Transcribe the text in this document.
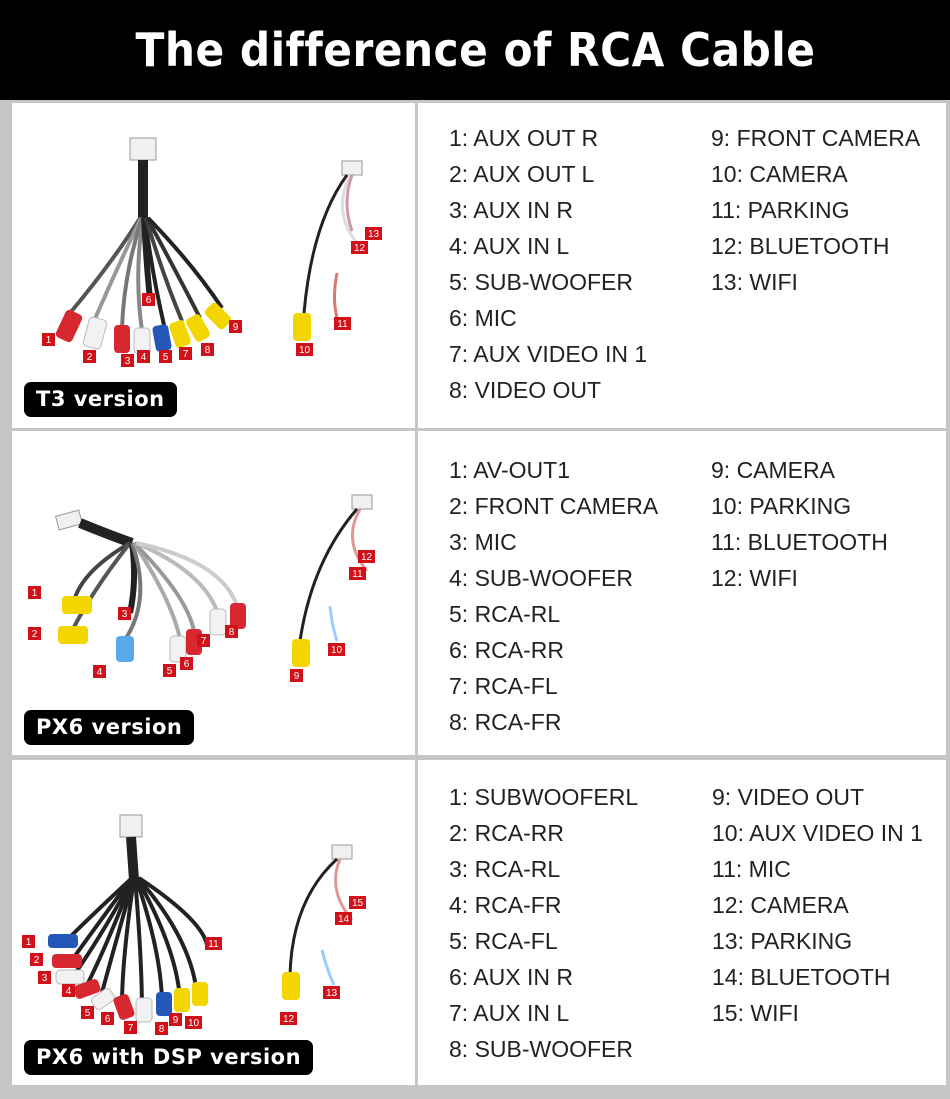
The difference of RCA Cable
1
2	3 4 5
6
7 8
9
10
11
13
12
T3 version
1: AUX OUT R
2: AUX OUT L
3: AUX IN R
4: AUX IN L
5: SUB-WOOFER
6: MIC
7: AUX VIDEO IN 1
8: VIDEO OUT
9: FRONT CAMERA
10: CAMERA
11: PARKING
12: BLUETOOTH
13: WIFI
1
2
3
4	5
6
7
8
9
10
11
12
PX6 version
1: AV-OUT1
2: FRONT CAMERA
3: MIC
4: SUB-WOOFER
5: RCA-RL
6: RCA-RR
7: RCA-FL
8: RCA-FR
9: CAMERA
10: PARKING
11: BLUETOOTH
12: WIFI
1
2
3
4
5
6
7	8
9 10
11
12
13
14
15
PX6 with DSP version
1: SUBWOOFERL
2: RCA-RR
3: RCA-RL
4: RCA-FR
5: RCA-FL
6: AUX IN R
7: AUX IN L
8: SUB-WOOFER
9: VIDEO OUT
10: AUX VIDEO IN 1
11: MIC
12: CAMERA
13: PARKING
14: BLUETOOTH
15: WIFI
